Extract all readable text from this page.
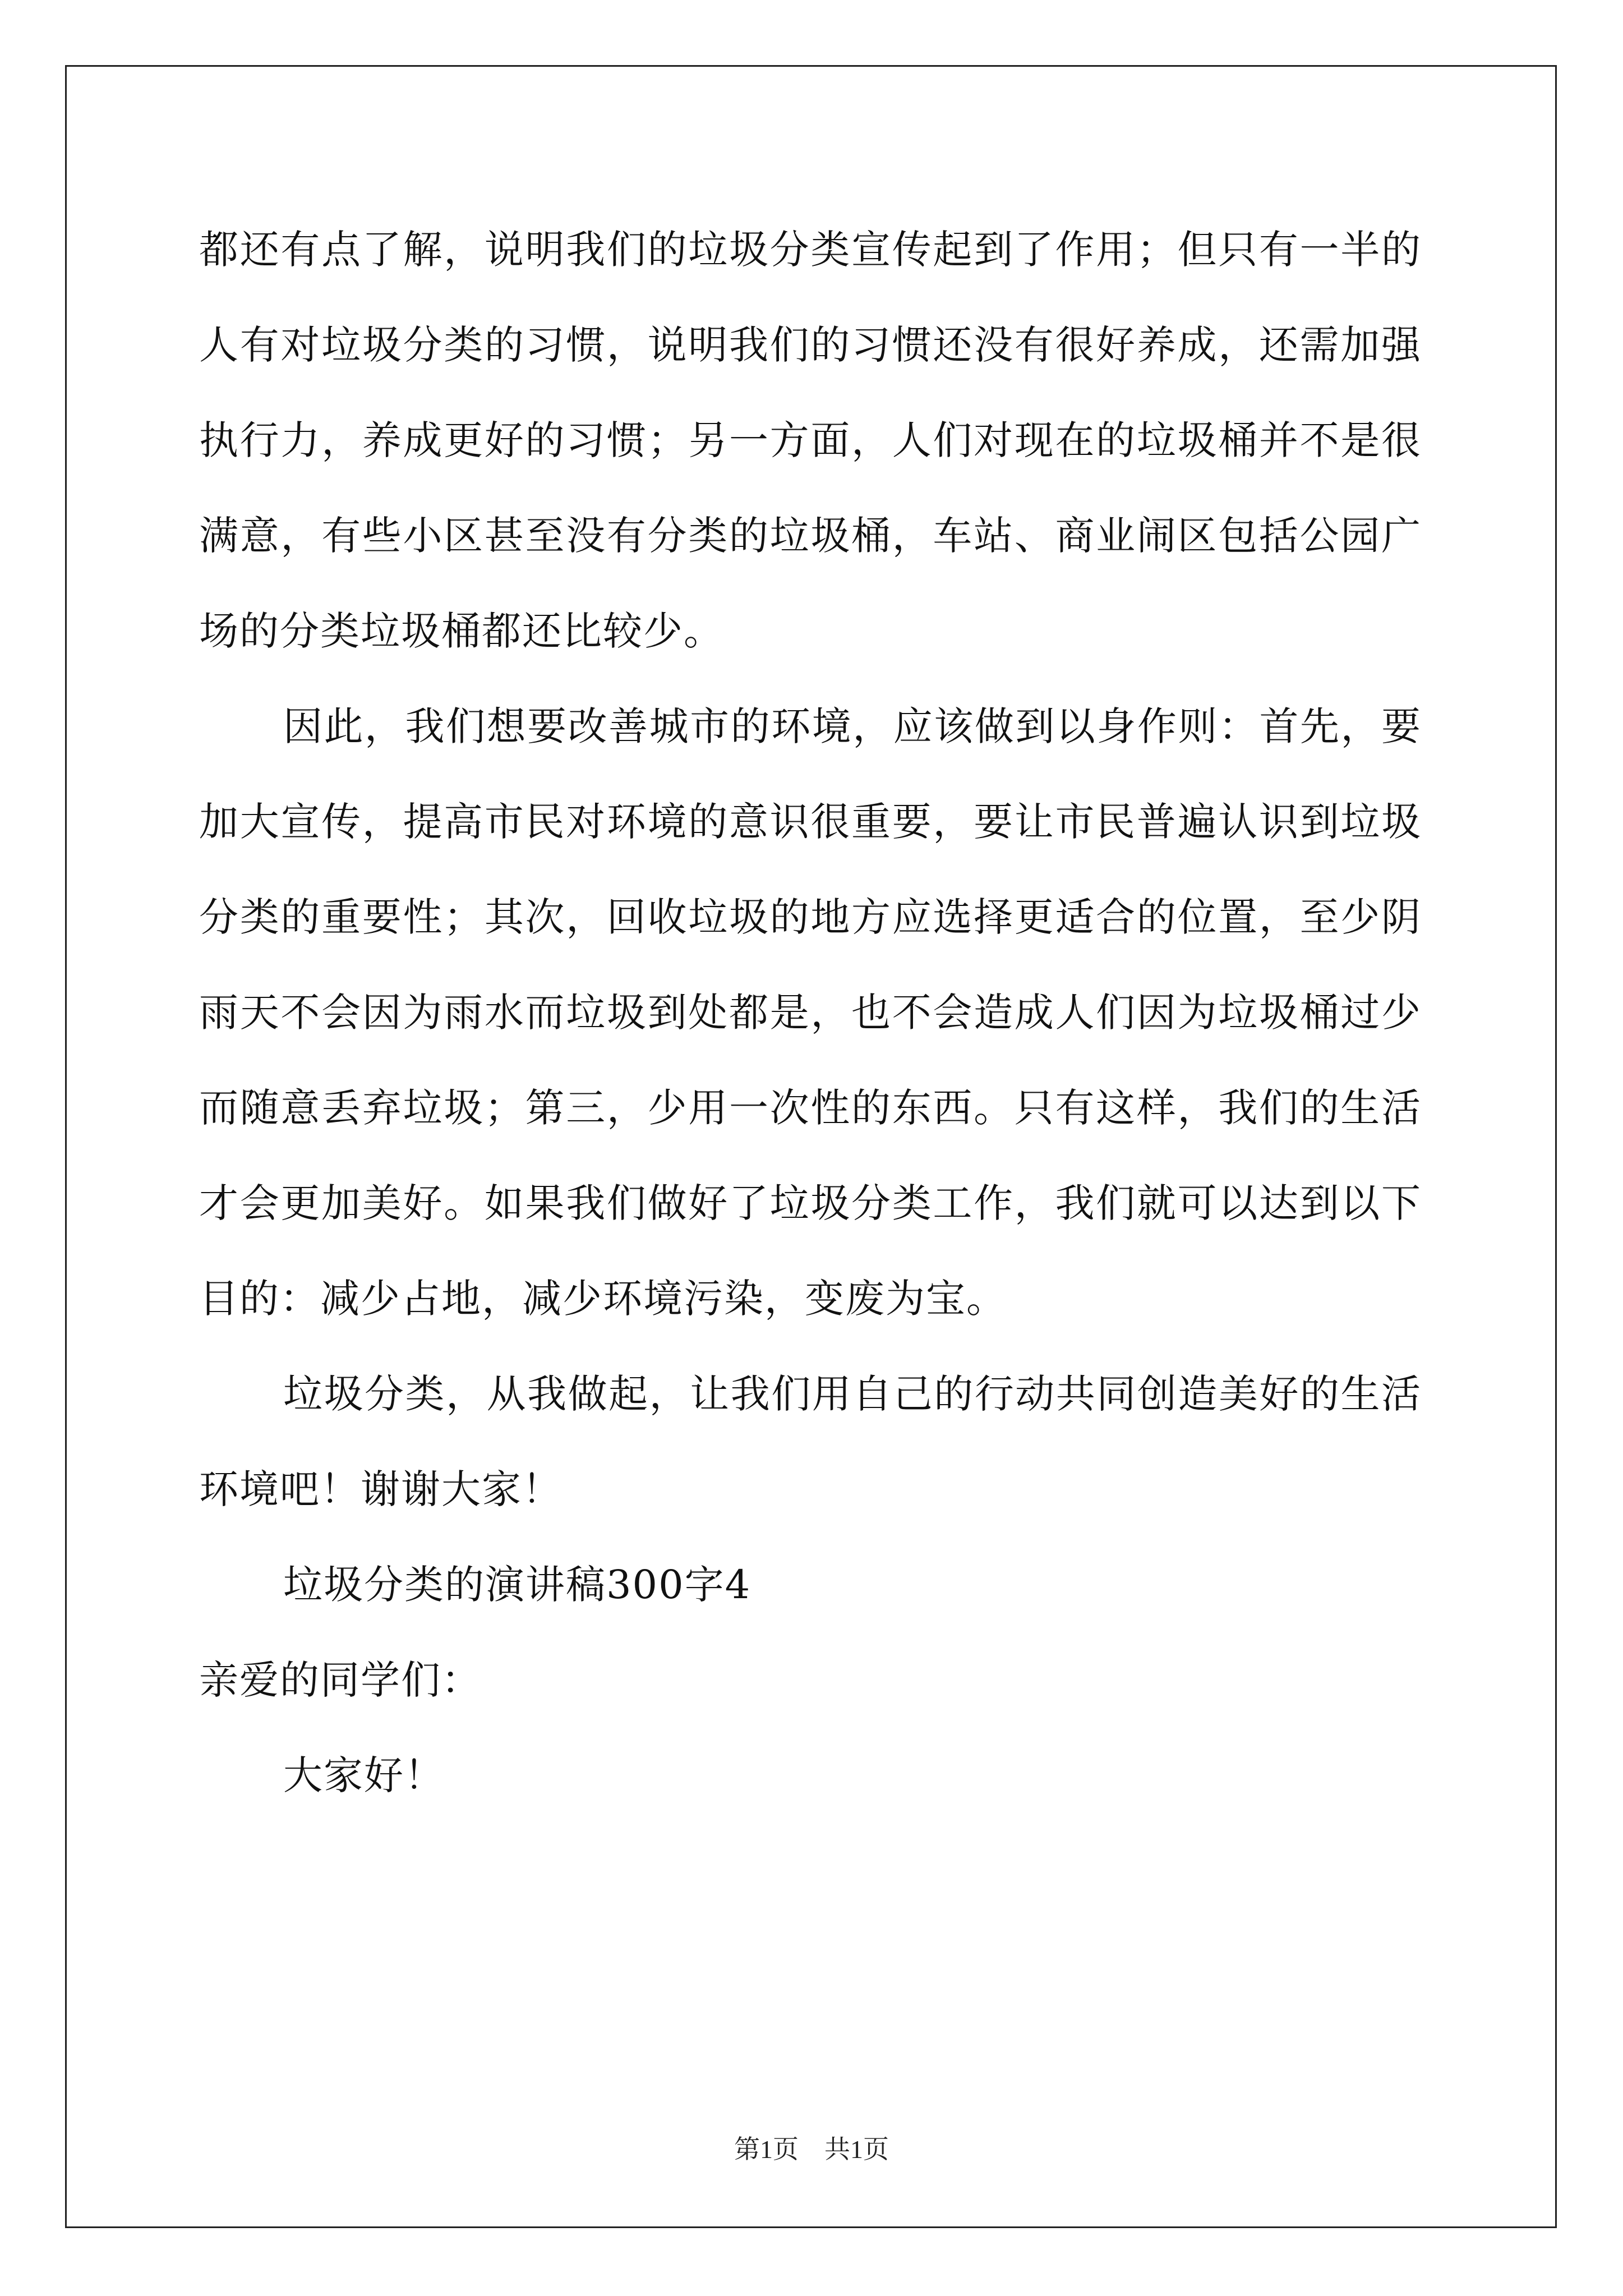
都还有点了解，说明我们的垃圾分类宣传起到了作用；但只有一半的人有对垃圾分类的习惯，说明我们的习惯还没有很好养成，还需加强执行力，养成更好的习惯；另一方面，人们对现在的垃圾桶并不是很满意，有些小区甚至没有分类的垃圾桶，车站、商业闹区包括公园广场的分类垃圾桶都还比较少。

因此，我们想要改善城市的环境，应该做到以身作则：首先，要加大宣传，提高市民对环境的意识很重要，要让市民普遍认识到垃圾分类的重要性；其次，回收垃圾的地方应选择更适合的位置，至少阴雨天不会因为雨水而垃圾到处都是，也不会造成人们因为垃圾桶过少而随意丢弃垃圾；第三，少用一次性的东西。只有这样，我们的生活才会更加美好。如果我们做好了垃圾分类工作，我们就可以达到以下目的：减少占地，减少环境污染，变废为宝。

垃圾分类，从我做起，让我们用自己的行动共同创造美好的生活环境吧！谢谢大家！

垃圾分类的演讲稿300字4

亲爱的同学们：

大家好！

第1页　共1页
